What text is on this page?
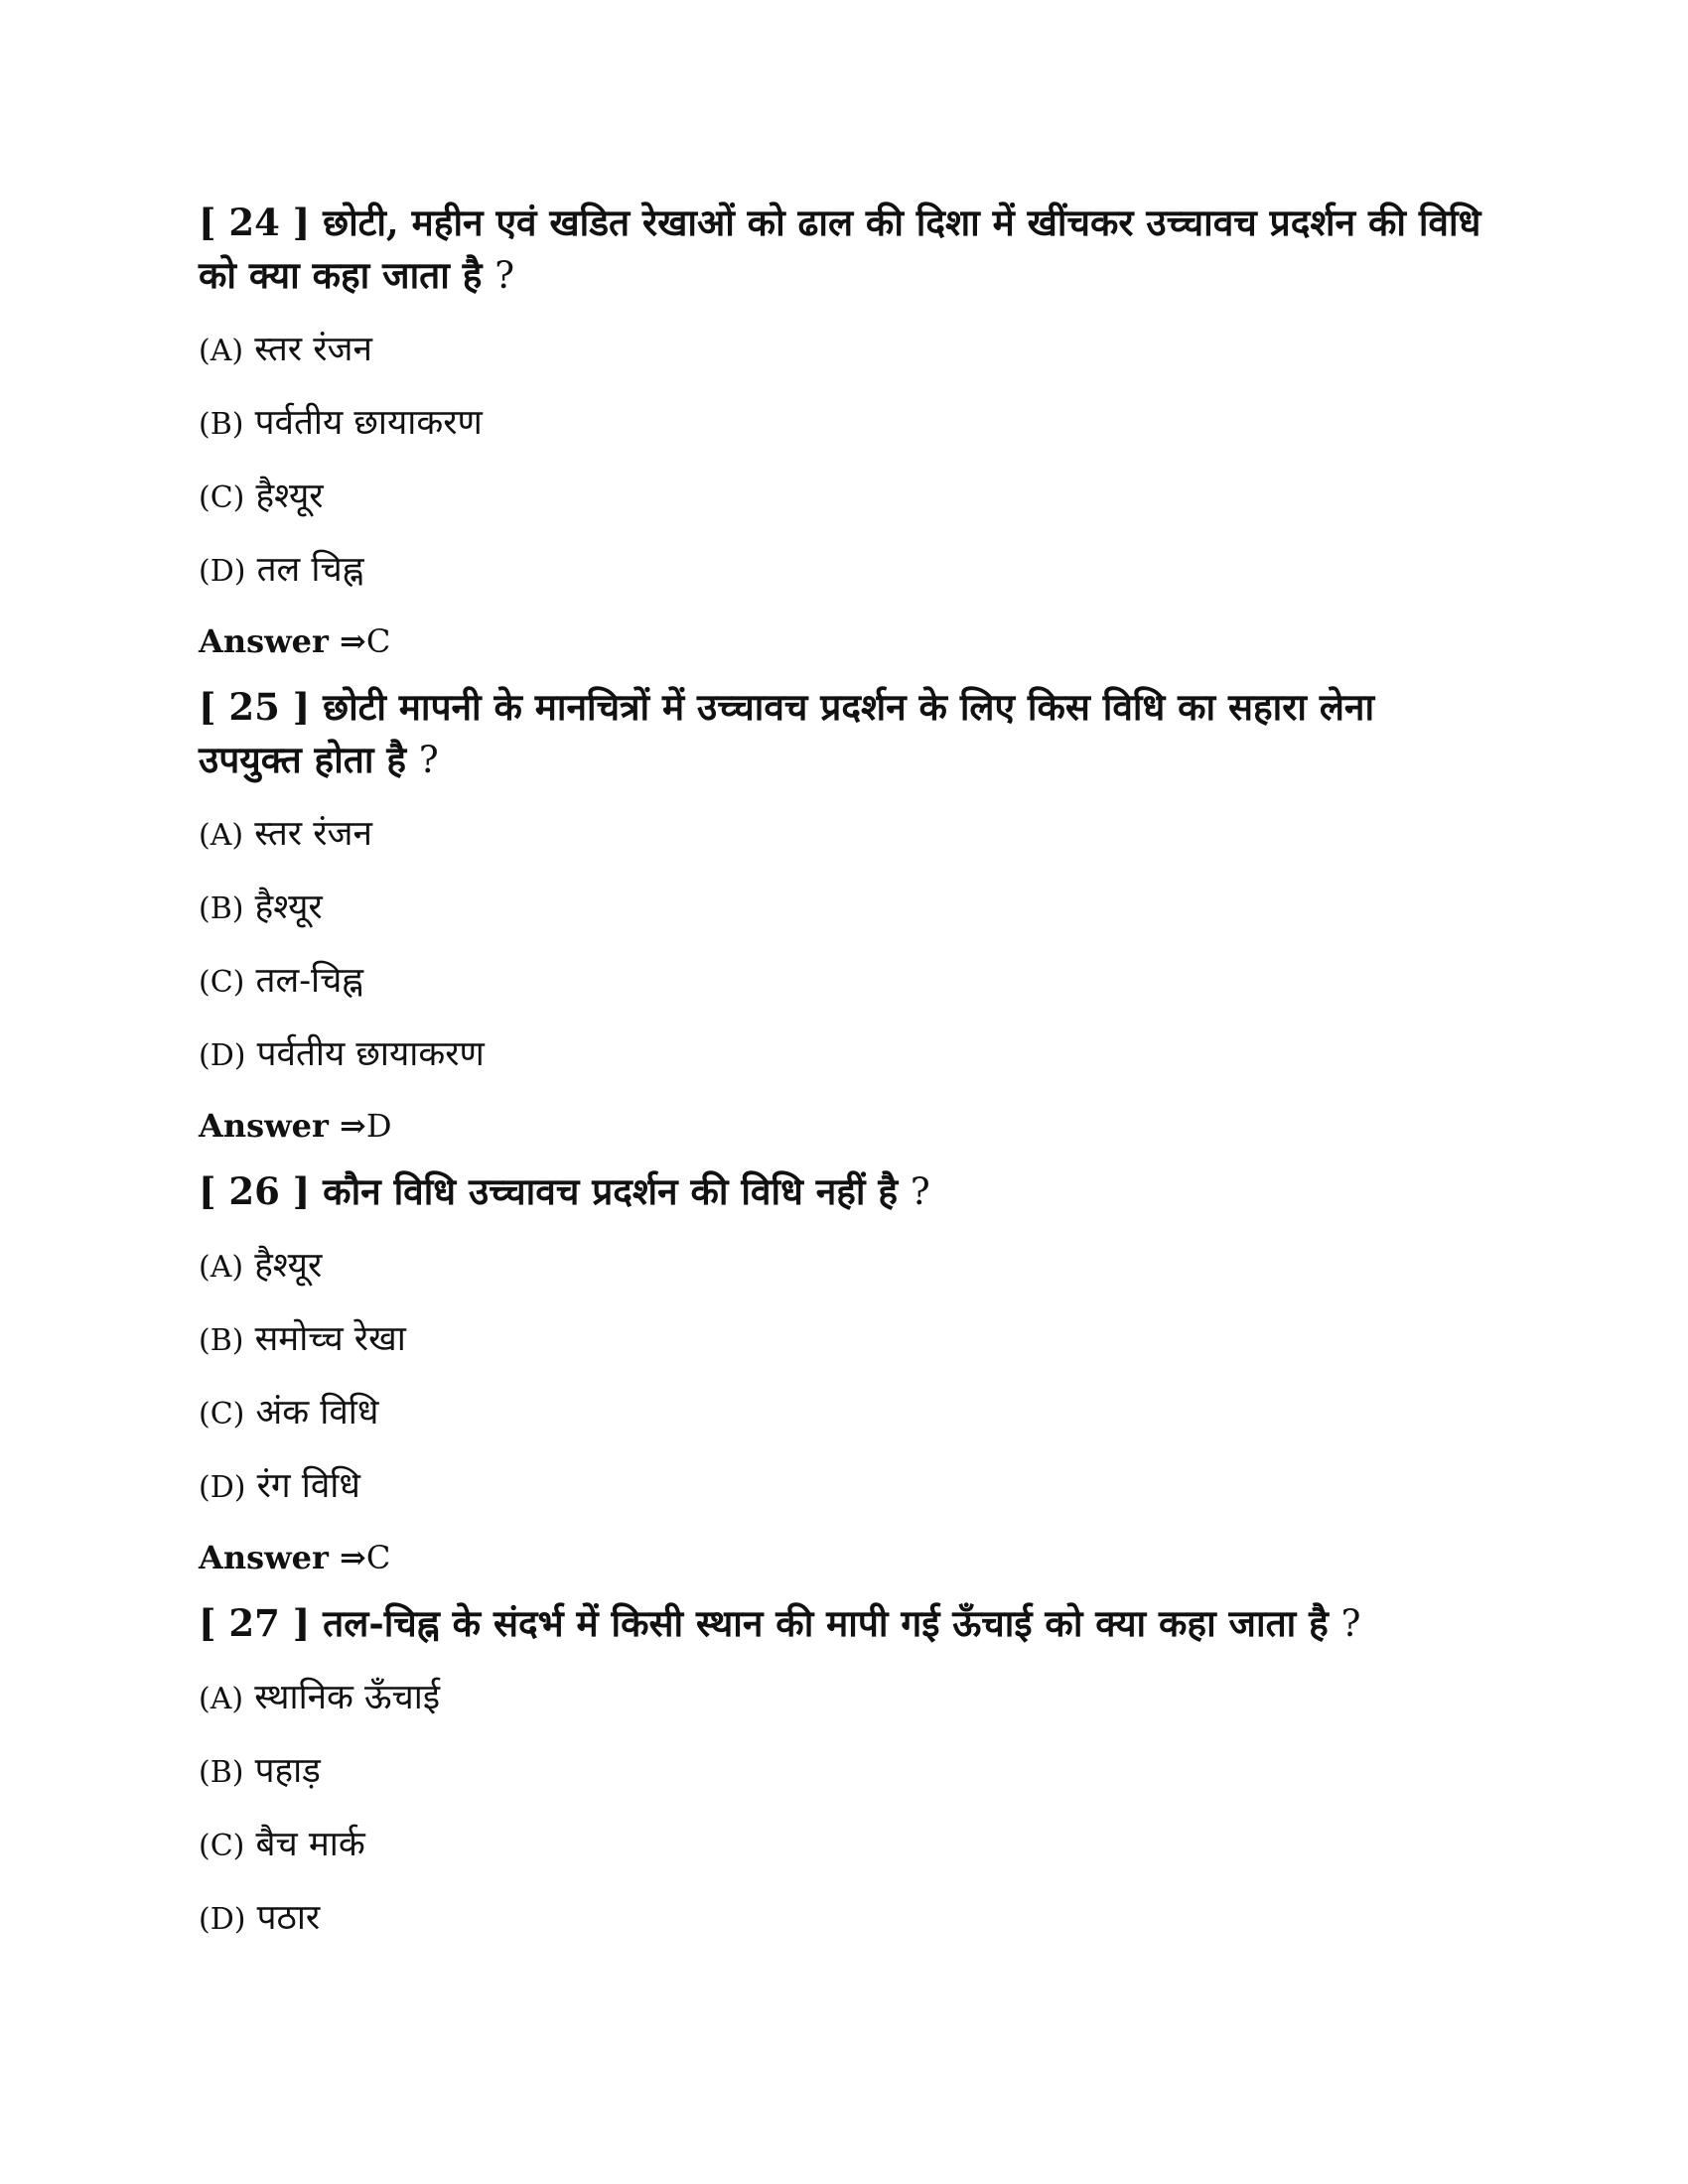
[ 24 ] छोटी, महीन एवं खडित रेखाओं को ढाल की दिशा में खींचकर उच्चावच प्रदर्शन की विधि को क्या कहा जाता है ?

(A) स्तर रंजन
(B) पर्वतीय छायाकरण
(C) हैश्यूर
(D) तल चिह्न
Answer ⇒C

[ 25 ] छोटी मापनी के मानचित्रों में उच्चावच प्रदर्शन के लिए किस विधि का सहारा लेना उपयुक्त होता है ?

(A) स्तर रंजन
(B) हैश्यूर
(C) तल-चिह्न
(D) पर्वतीय छायाकरण
Answer ⇒D

[ 26 ] कौन विधि उच्चावच प्रदर्शन की विधि नहीं है ?

(A) हैश्यूर
(B) समोच्च रेखा
(C) अंक विधि
(D) रंग विधि
Answer ⇒C

[ 27 ] तल-चिह्न के संदर्भ में किसी स्थान की मापी गई ऊँचाई को क्या कहा जाता है ?

(A) स्थानिक ऊँचाई
(B) पहाड़
(C) बैच मार्क
(D) पठार
